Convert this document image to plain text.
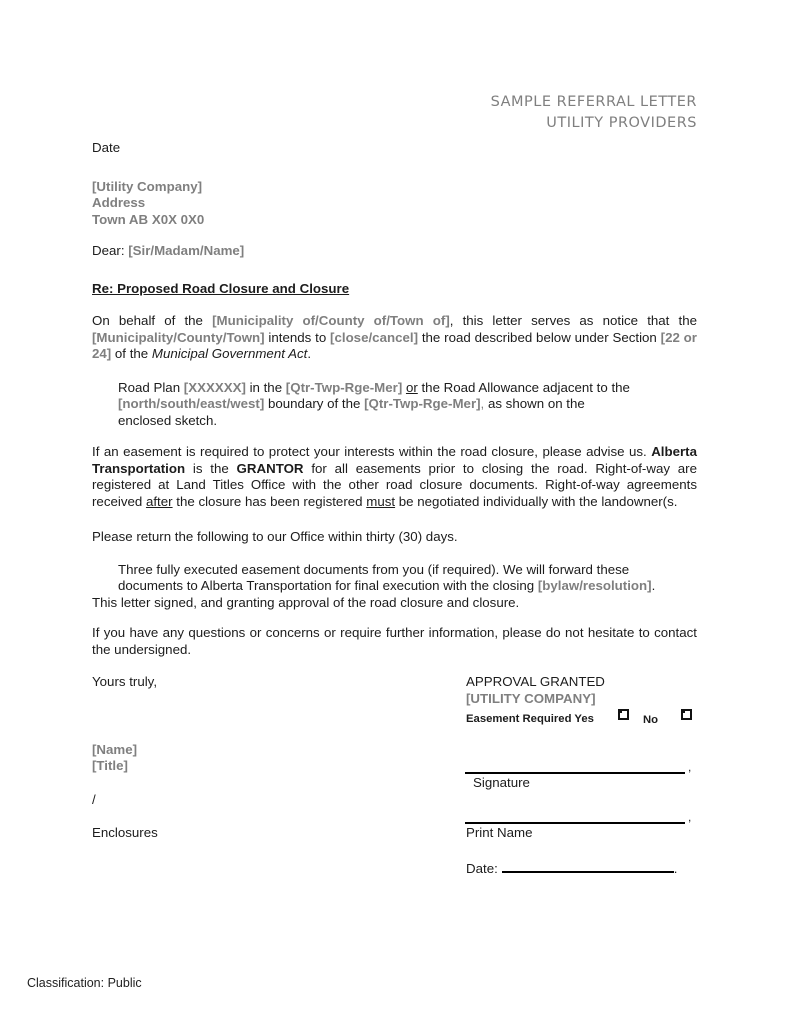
SAMPLE REFERRAL LETTER
UTILITY PROVIDERS

Date

[Utility Company]
Address
Town AB X0X 0X0

Dear: [Sir/Madam/Name]

Re: Proposed Road Closure and Closure

On behalf of the [Municipality of/County of/Town of], this letter serves as notice that the [Municipality/County/Town] intends to [close/cancel] the road described below under Section [22 or 24] of the Municipal Government Act.

Road Plan [XXXXXX] in the [Qtr-Twp-Rge-Mer] or the Road Allowance adjacent to the [north/south/east/west] boundary of the [Qtr-Twp-Rge-Mer], as shown on the
enclosed sketch.

If an easement is required to protect your interests within the road closure, please advise us. Alberta Transportation is the GRANTOR for all easements prior to closing the road. Right-of-way are registered at Land Titles Office with the other road closure documents. Right-of-way agreements received after the closure has been registered must be negotiated individually with the landowner(s.

Please return the following to our Office within thirty (30) days.

Three fully executed easement documents from you (if required). We will forward these documents to Alberta Transportation for final execution with the closing [bylaw/resolution].

This letter signed, and granting approval of the road closure and closure.

If you have any questions or concerns or require further information, please do not hesitate to contact the undersigned.

Yours truly,
[Name]
[Title]
/
Enclosures
APPROVAL GRANTED
[UTILITY COMPANY]
Easement Required Yes	No
,
Signature
,
Print Name
Date:	.
Classification: Public
